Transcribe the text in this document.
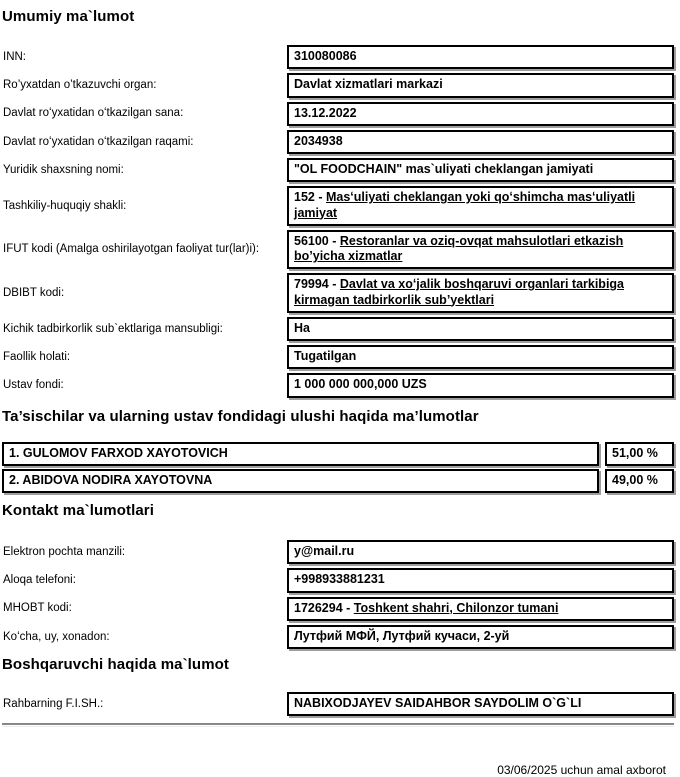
Umumiy ma`lumot
INN:	310080086
Ro’yxatdan o’tkazuvchi organ:	Davlat xizmatlari markazi
Davlat roʻyxatidan oʻtkazilgan sana:	13.12.2022
Davlat roʻyxatidan oʻtkazilgan raqami:	2034938
Yuridik shaxsning nomi:	"OL FOODCHAIN" mas`uliyati cheklangan jamiyati
Tashkiliy-huquqiy shakli:
152 - Masʻuliyati cheklangan yoki qoʻshimcha masʻuliyatli jamiyat
IFUT kodi (Amalga oshirilayotgan faoliyat tur(lar)i):
56100 - Restoranlar va oziq-ovqat mahsulotlari etkazish bo’yicha xizmatlar
DBIBT kodi:
79994 - Davlat va xoʻjalik boshqaruvi organlari tarkibiga kirmagan tadbirkorlik sub’yektlari
Kichik tadbirkorlik sub`ektlariga mansubligi:	Ha
Faollik holati:	Tugatilgan
Ustav fondi:	1 000 000 000,000 UZS
Ta’sischilar va ularning ustav fondidagi ulushi haqida ma’lumotlar
1. GULOMOV FARXOD XAYOTOVICH	51,00 %
2. ABIDOVA NODIRA XAYOTOVNA	49,00 %
Kontakt ma`lumotlari
Elektron pochta manzili:	y@mail.ru
Aloqa telefoni:	+998933881231
MHOBT kodi:	1726294 - Toshkent shahri, Chilonzor tumani
Koʻcha, uy, xonadon:	Лутфий МФЙ, Лутфий кучаси, 2-уй
Boshqaruvchi haqida ma`lumot
Rahbarning F.I.SH.:	NABIXODJAYEV SAIDAHBOR SAYDOLIM O`G`LI
03/06/2025 uchun amal axborot
